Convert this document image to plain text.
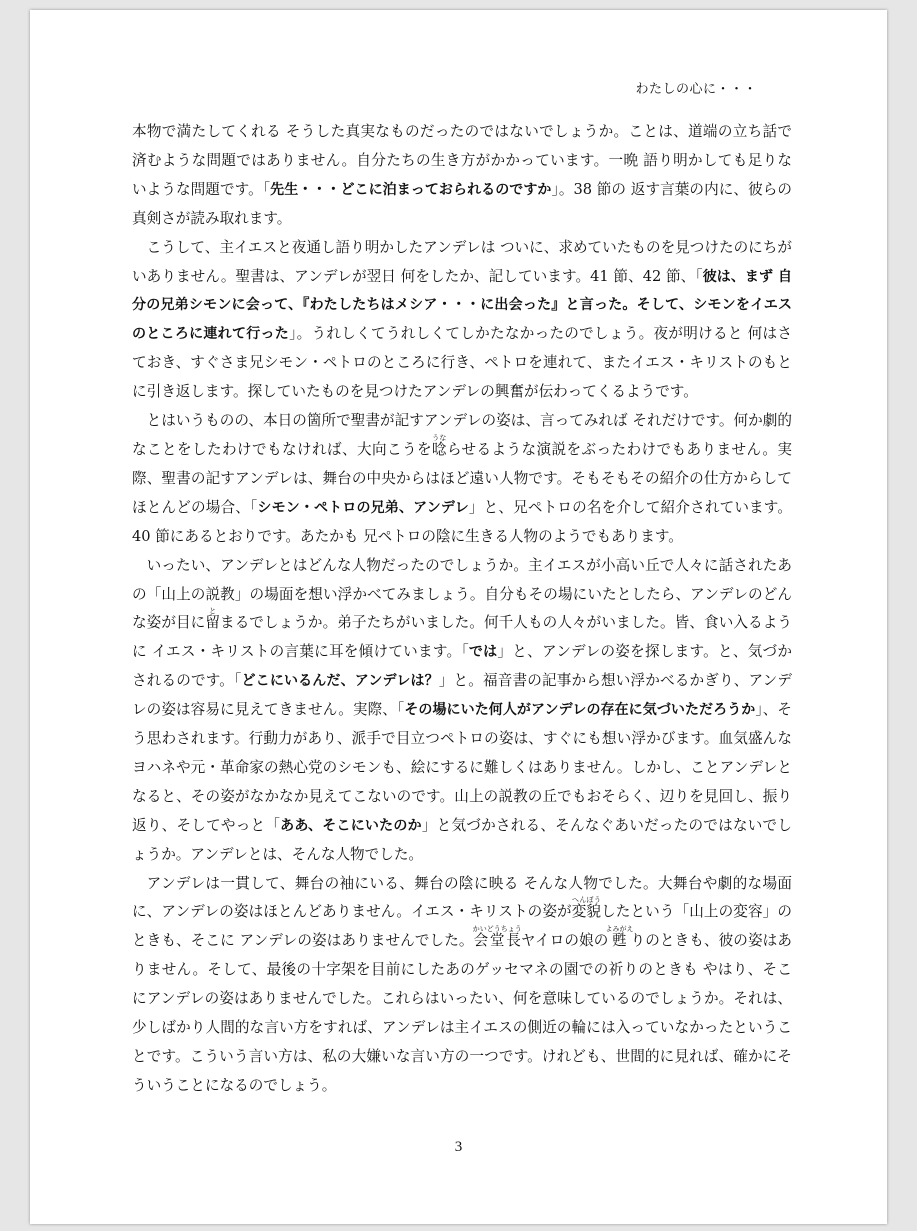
わたしの心に・・・

本物で満たしてくれる そうした真実なものだったのではないでしょうか。ことは、道端の立ち話で済むような問題ではありません。自分たちの生き方がかかっています。一晩 語り明かしても足りないような問題です。「先生・・・どこに泊まっておられるのですか」。38 節の 返す言葉の内に、彼らの真剣さが読み取れます。

こうして、主イエスと夜通し語り明かしたアンデレは ついに、求めていたものを見つけたのにちがいありません。聖書は、アンデレが翌日 何をしたか、記しています。41 節、42 節、「彼は、まず 自分の兄弟シモンに会って、『わたしたちはメシア・・・に出会った』と言った。そして、シモンをイエスのところに連れて行った」。うれしくてうれしくてしかたなかったのでしょう。夜が明けると 何はさておき、すぐさま兄シモン・ペトロのところに行き、ペトロを連れて、またイエス・キリストのもとに引き返します。探していたものを見つけたアンデレの興奮が伝わってくるようです。

とはいうものの、本日の箇所で聖書が記すアンデレの姿は、言ってみれば それだけです。何か劇的なことをしたわけでもなければ、大向こうを唸うならせるような演説をぶったわけでもありません。実際、聖書の記すアンデレは、舞台の中央からはほど遠い人物です。そもそもその紹介の仕方からして ほとんどの場合、「シモン・ペトロの兄弟、アンデレ」と、兄ペトロの名を介して紹介されています。40 節にあるとおりです。あたかも 兄ペトロの陰に生きる人物のようでもあります。

いったい、アンデレとはどんな人物だったのでしょうか。主イエスが小高い丘で人々に話されたあの「山上の説教」の場面を想い浮かべてみましょう。自分もその場にいたとしたら、アンデレのどんな姿が目に留とまるでしょうか。弟子たちがいました。何千人もの人々がいました。皆、食い入るように イエス・キリストの言葉に耳を傾けています。「では」と、アンデレの姿を探します。と、気づかされるのです。「どこにいるんだ、アンデレは？」と。福音書の記事から想い浮かべるかぎり、アンデレの姿は容易に見えてきません。実際、「その場にいた何人がアンデレの存在に気づいただろうか」、そう思わされます。行動力があり、派手で目立つペトロの姿は、すぐにも想い浮かびます。血気盛んなヨハネや元・革命家の熱心党のシモンも、絵にするに難しくはありません。しかし、ことアンデレとなると、その姿がなかなか見えてこないのです。山上の説教の丘でもおそらく、辺りを見回し、振り返り、そしてやっと「ああ、そこにいたのか」と気づかされる、そんなぐあいだったのではないでしょうか。アンデレとは、そんな人物でした。

アンデレは一貫して、舞台の袖にいる、舞台の陰に映る そんな人物でした。大舞台や劇的な場面に、アンデレの姿はほとんどありません。イエス・キリストの姿が変貌へんぼうしたという「山上の変容」のときも、そこに アンデレの姿はありませんでした。会堂長かいどうちょうヤイロの娘の甦よみがえりのときも、彼の姿はありません。そして、最後の十字架を目前にしたあのゲッセマネの園での祈りのときも やはり、そこにアンデレの姿はありませんでした。これらはいったい、何を意味しているのでしょうか。それは、少しばかり人間的な言い方をすれば、アンデレは主イエスの側近の輪には入っていなかったということです。こういう言い方は、私の大嫌いな言い方の一つです。けれども、世間的に見れば、確かにそういうことになるのでしょう。

3
